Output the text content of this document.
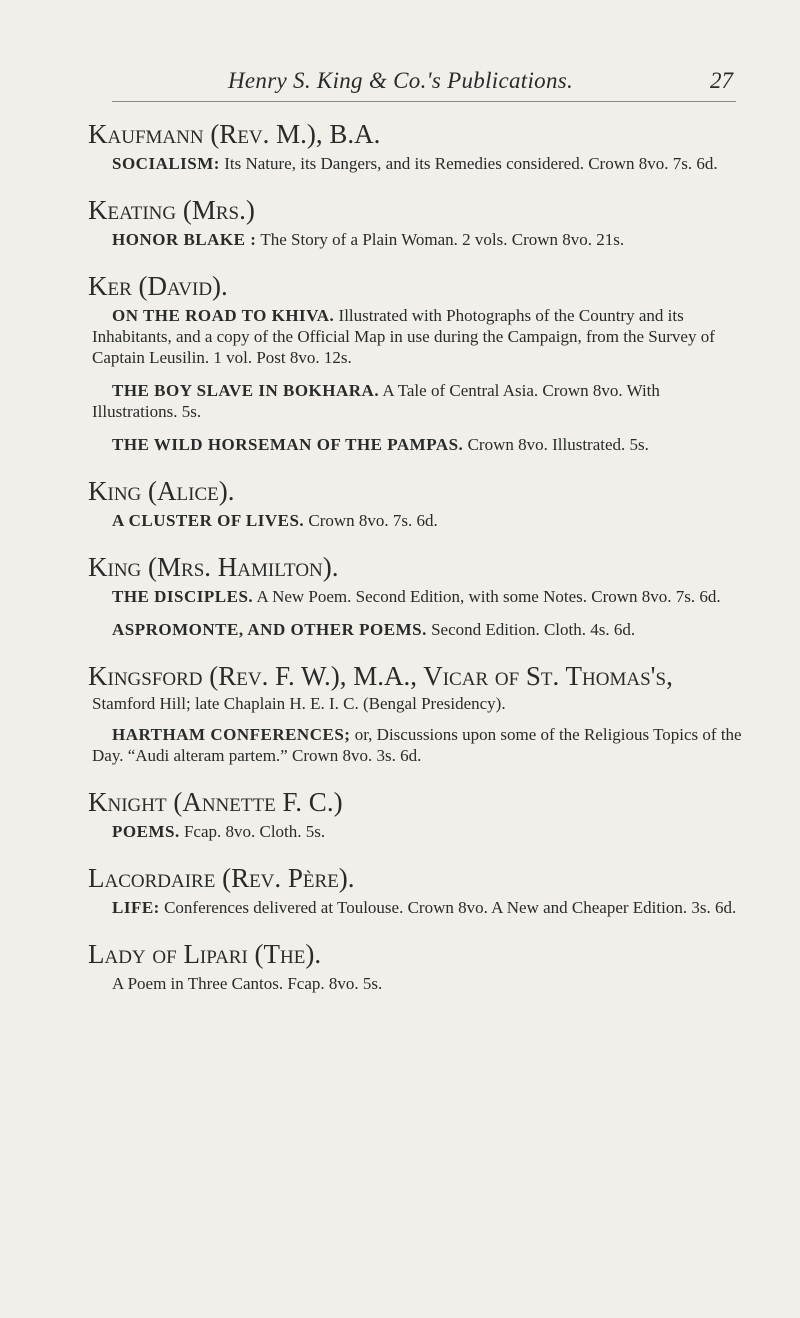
Henry S. King & Co.'s Publications.	27
Kaufmann (Rev. M.), B.A.
SOCIALISM: Its Nature, its Dangers, and its Remedies considered. Crown 8vo. 7s. 6d.
Keating (Mrs.)
HONOR BLAKE : The Story of a Plain Woman. 2 vols. Crown 8vo. 21s.
Ker (David).
ON THE ROAD TO KHIVA. Illustrated with Photographs of the Country and its Inhabitants, and a copy of the Official Map in use during the Campaign, from the Survey of Captain Leusilin. 1 vol. Post 8vo. 12s.
THE BOY SLAVE IN BOKHARA. A Tale of Central Asia. Crown 8vo. With Illustrations. 5s.
THE WILD HORSEMAN OF THE PAMPAS. Crown 8vo. Illustrated. 5s.
King (Alice).
A CLUSTER OF LIVES. Crown 8vo. 7s. 6d.
King (Mrs. Hamilton).
THE DISCIPLES. A New Poem. Second Edition, with some Notes. Crown 8vo. 7s. 6d.
ASPROMONTE, AND OTHER POEMS. Second Edition. Cloth. 4s. 6d.
Kingsford (Rev. F. W.), M.A., Vicar of St. Thomas's,
Stamford Hill; late Chaplain H. E. I. C. (Bengal Presidency).
HARTHAM CONFERENCES; or, Discussions upon some of the Religious Topics of the Day. “Audi alteram partem.” Crown 8vo. 3s. 6d.
Knight (Annette F. C.)
POEMS. Fcap. 8vo. Cloth. 5s.
Lacordaire (Rev. Père).
LIFE: Conferences delivered at Toulouse. Crown 8vo. A New and Cheaper Edition. 3s. 6d.
Lady of Lipari (The).
A Poem in Three Cantos. Fcap. 8vo. 5s.
